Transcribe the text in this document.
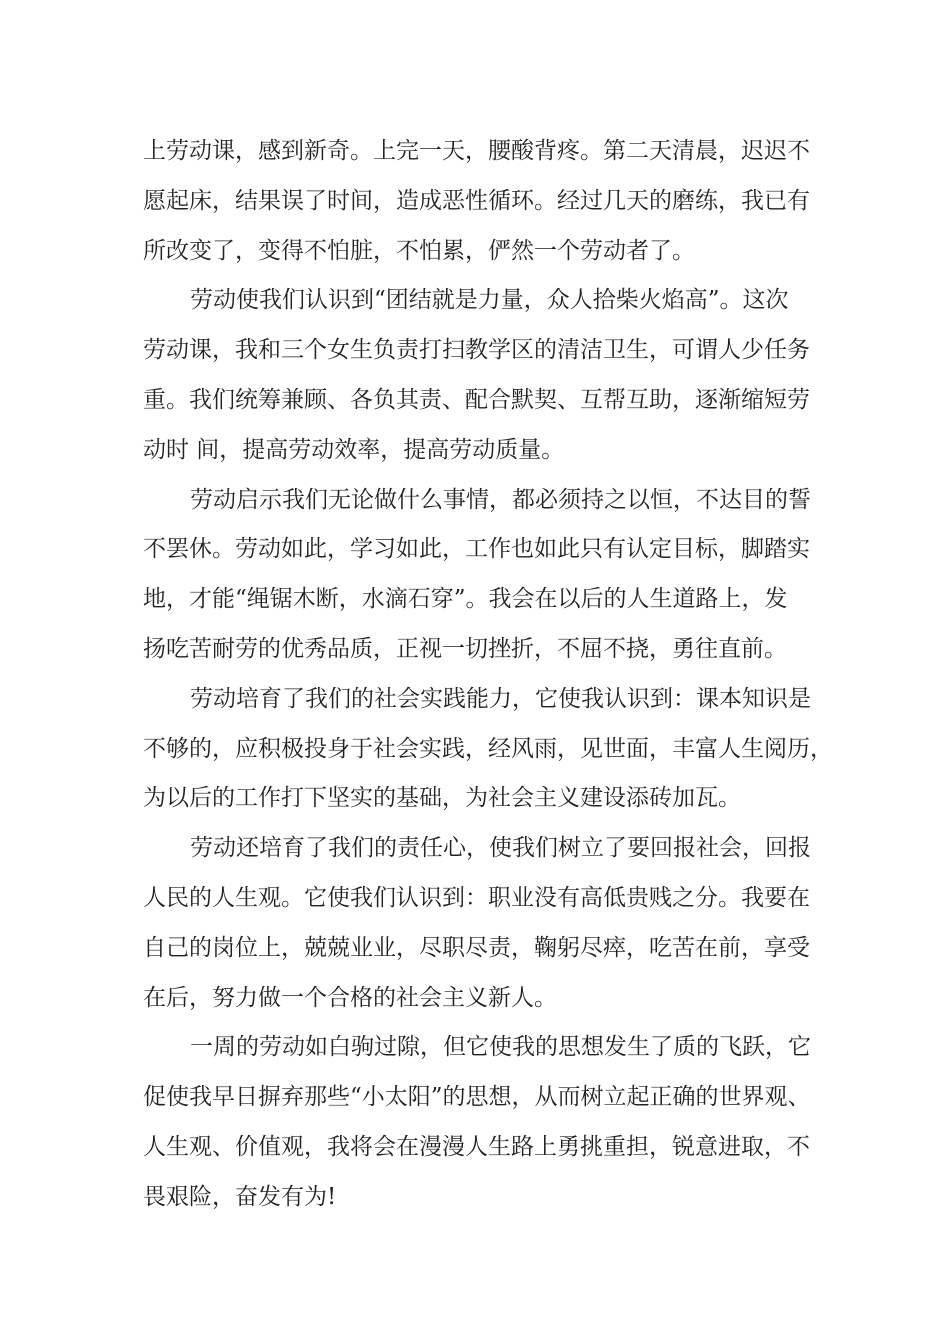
上劳动课，感到新奇。上完一天，腰酸背疼。第二天清晨，迟迟不
愿起床，结果误了时间，造成恶性循环。经过几天的磨练，我已有
所改变了，变得不怕脏，不怕累，俨然一个劳动者了。
劳动使我们认识到“团结就是力量，众人拾柴火焰高”。这次
劳动课，我和三个女生负责打扫教学区的清洁卫生，可谓人少任务
重。我们统筹兼顾、各负其责、配合默契、互帮互助，逐渐缩短劳
动时 间，提高劳动效率，提高劳动质量。
劳动启示我们无论做什么事情，都必须持之以恒，不达目的誓
不罢休。劳动如此，学习如此，工作也如此只有认定目标，脚踏实
地，才能“绳锯木断，水滴石穿”。我会在以后的人生道路上，发
扬吃苦耐劳的优秀品质，正视一切挫折，不屈不挠，勇往直前。
劳动培育了我们的社会实践能力，它使我认识到：课本知识是
不够的，应积极投身于社会实践，经风雨，见世面，丰富人生阅历，
为以后的工作打下坚实的基础，为社会主义建设添砖加瓦。
劳动还培育了我们的责任心，使我们树立了要回报社会，回报
人民的人生观。它使我们认识到：职业没有高低贵贱之分。我要在
自己的岗位上，兢兢业业，尽职尽责，鞠躬尽瘁，吃苦在前，享受
在后，努力做一个合格的社会主义新人。
一周的劳动如白驹过隙，但它使我的思想发生了质的飞跃，它
促使我早日摒弃那些“小太阳”的思想，从而树立起正确的世界观、
人生观、价值观，我将会在漫漫人生路上勇挑重担，锐意进取，不
畏艰险，奋发有为!
